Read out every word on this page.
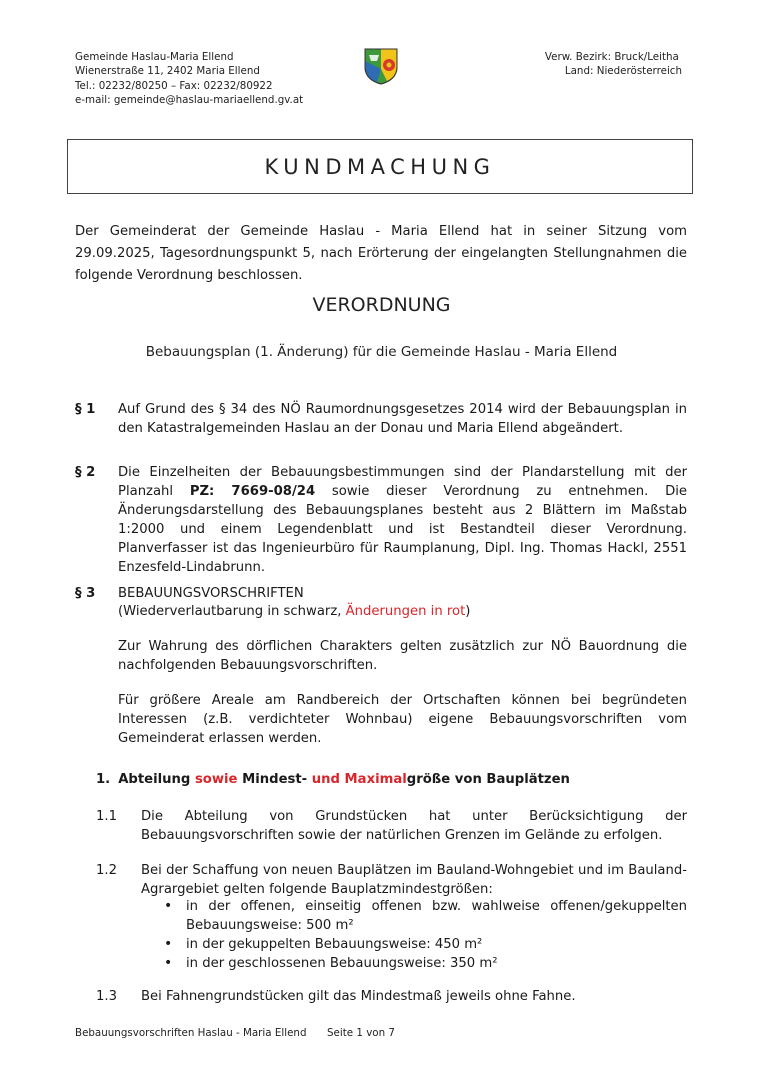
Gemeinde Haslau-Maria Ellend
Wienerstraße 11, 2402 Maria Ellend
Tel.: 02232/80250 – Fax: 02232/80922
e-mail: gemeinde@haslau-mariaellend.gv.at
Verw. Bezirk: Bruck/Leitha
Land: Niederösterreich
KUNDMACHUNG
Der Gemeinderat der Gemeinde Haslau - Maria Ellend hat in seiner Sitzung vom 29.09.2025, Tagesordnungspunkt 5, nach Erörterung der eingelangten Stellungnahmen die folgende Verordnung beschlossen.
VERORDNUNG
Bebauungsplan (1. Änderung) für die Gemeinde Haslau - Maria Ellend
§ 1 Auf Grund des § 34 des NÖ Raumordnungsgesetzes 2014 wird der Bebauungsplan in den Katastralgemeinden Haslau an der Donau und Maria Ellend abgeändert.
§ 2 Die Einzelheiten der Bebauungsbestimmungen sind der Plandarstellung mit der Planzahl PZ: 7669-08/24 sowie dieser Verordnung zu entnehmen. Die Änderungsdarstellung des Bebauungsplanes besteht aus 2 Blättern im Maßstab 1:2000 und einem Legendenblatt und ist Bestandteil dieser Verordnung. Planverfasser ist das Ingenieurbüro für Raumplanung, Dipl. Ing. Thomas Hackl, 2551 Enzesfeld-Lindabrunn.
§ 3 BEBAUUNGSVORSCHRIFTEN
(Wiederverlautbarung in schwarz, Änderungen in rot)
Zur Wahrung des dörflichen Charakters gelten zusätzlich zur NÖ Bauordnung die nachfolgenden Bebauungsvorschriften.
Für größere Areale am Randbereich der Ortschaften können bei begründeten Interessen (z.B. verdichteter Wohnbau) eigene Bebauungsvorschriften vom Gemeinderat erlassen werden.
1. Abteilung sowie Mindest- und Maximalgröße von Bauplätzen
1.1 Die Abteilung von Grundstücken hat unter Berücksichtigung der Bebauungsvorschriften sowie der natürlichen Grenzen im Gelände zu erfolgen.
1.2 Bei der Schaffung von neuen Bauplätzen im Bauland-Wohngebiet und im Bauland-Agrargebiet gelten folgende Bauplatzmindestgrößen:
• in der offenen, einseitig offenen bzw. wahlweise offenen/gekuppelten Bebauungsweise: 500 m²
• in der gekuppelten Bebauungsweise: 450 m²
• in der geschlossenen Bebauungsweise: 350 m²
1.3 Bei Fahnengrundstücken gilt das Mindestmaß jeweils ohne Fahne.
Bebauungsvorschriften Haslau - Maria Ellend Seite 1 von 7
